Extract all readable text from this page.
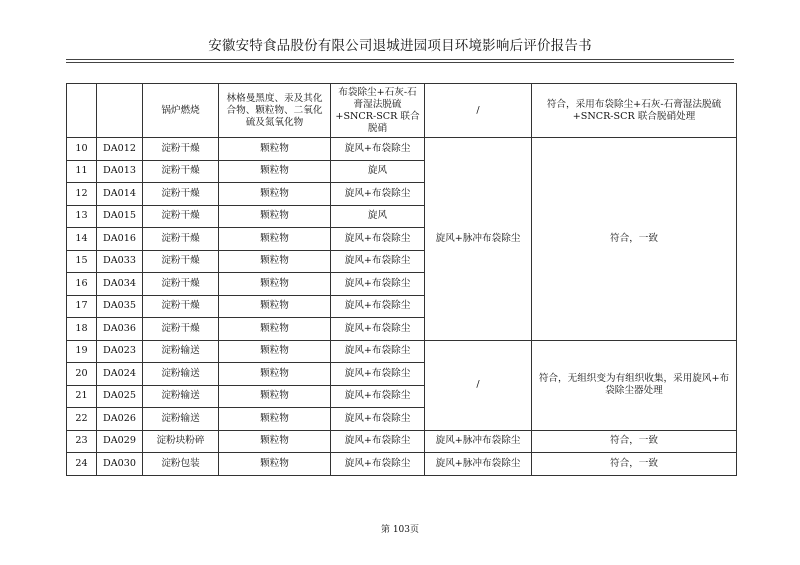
安徽安特食品股份有限公司退城进园项目环境影响后评价报告书
		锅炉燃烧	林格曼黑度、汞及其化合物、颗粒物、二氧化硫及氮氧化物	布袋除尘+石灰-石膏湿法脱硫+SNCR-SCR 联合脱硝	/	符合，采用布袋除尘+石灰-石膏湿法脱硫+SNCR-SCR 联合脱硝处理
10	DA012	淀粉干燥	颗粒物	旋风+布袋除尘	旋风+脉冲布袋除尘	符合，一致
11	DA013	淀粉干燥	颗粒物	旋风		
12	DA014	淀粉干燥	颗粒物	旋风+布袋除尘		
13	DA015	淀粉干燥	颗粒物	旋风		
14	DA016	淀粉干燥	颗粒物	旋风+布袋除尘		
15	DA033	淀粉干燥	颗粒物	旋风+布袋除尘		
16	DA034	淀粉干燥	颗粒物	旋风+布袋除尘		
17	DA035	淀粉干燥	颗粒物	旋风+布袋除尘		
18	DA036	淀粉干燥	颗粒物	旋风+布袋除尘		
19	DA023	淀粉输送	颗粒物	旋风+布袋除尘	/	符合，无组织变为有组织收集，采用旋风+布袋除尘器处理
20	DA024	淀粉输送	颗粒物	旋风+布袋除尘		
21	DA025	淀粉输送	颗粒物	旋风+布袋除尘		
22	DA026	淀粉输送	颗粒物	旋风+布袋除尘		
23	DA029	淀粉块粉碎	颗粒物	旋风+布袋除尘	旋风+脉冲布袋除尘	符合，一致
24	DA030	淀粉包装	颗粒物	旋风+布袋除尘	旋风+脉冲布袋除尘	符合，一致
第 103页
